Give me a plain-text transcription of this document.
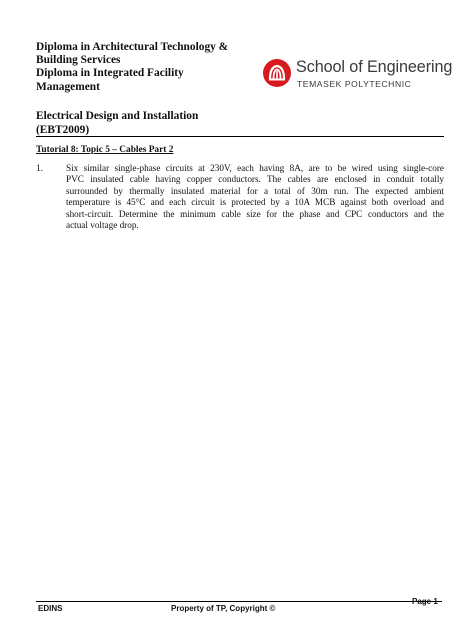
Diploma in Architectural Technology &
Building Services
Diploma in Integrated Facility
Management
School of Engineering
TEMASEK POLYTECHNIC
Electrical Design and Installation
(EBT2009)
Tutorial 8: Topic 5 – Cables Part 2
1.	Six similar single-phase circuits at 230V, each having 8A, are to be wired using single-core
PVC insulated cable having copper conductors. The cables are enclosed in conduit totally
surrounded by thermally insulated material for a total of 30m run. The expected ambient
temperature is 45°C and each circuit is protected by a 10A MCB against both overload and
short-circuit. Determine the minimum cable size for the phase and CPC conductors and the
actual voltage drop.
EDINS	Property of TP, Copyright ©
Page 1
